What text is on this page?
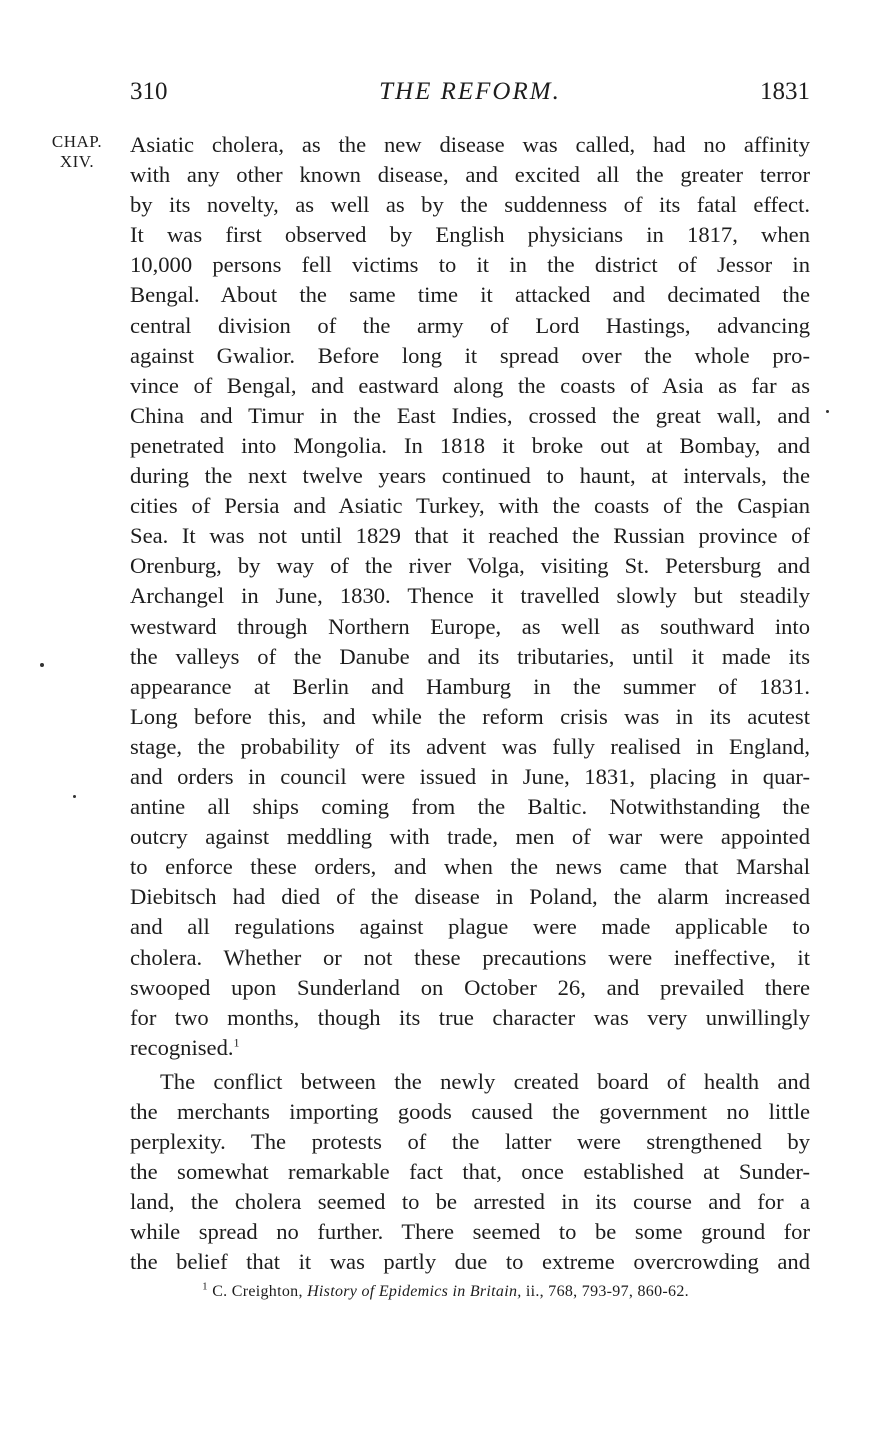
310	THE REFORM.	1831
CHAP.
XIV.
Asiatic cholera, as the new disease was called, had no affinity
with any other known disease, and excited all the greater terror
by its novelty, as well as by the suddenness of its fatal effect.
It was first observed by English physicians in 1817, when
10,000 persons fell victims to it in the district of Jessor in
Bengal. About the same time it attacked and decimated the
central division of the army of Lord Hastings, advancing
against Gwalior. Before long it spread over the whole pro-
vince of Bengal, and eastward along the coasts of Asia as far as
China and Timur in the East Indies, crossed the great wall, and
penetrated into Mongolia. In 1818 it broke out at Bombay, and
during the next twelve years continued to haunt, at intervals, the
cities of Persia and Asiatic Turkey, with the coasts of the Caspian
Sea. It was not until 1829 that it reached the Russian province of
Orenburg, by way of the river Volga, visiting St. Petersburg and
Archangel in June, 1830. Thence it travelled slowly but steadily
westward through Northern Europe, as well as southward into
the valleys of the Danube and its tributaries, until it made its
appearance at Berlin and Hamburg in the summer of 1831.
Long before this, and while the reform crisis was in its acutest
stage, the probability of its advent was fully realised in England,
and orders in council were issued in June, 1831, placing in quar-
antine all ships coming from the Baltic. Notwithstanding the
outcry against meddling with trade, men of war were appointed
to enforce these orders, and when the news came that Marshal
Diebitsch had died of the disease in Poland, the alarm increased
and all regulations against plague were made applicable to
cholera. Whether or not these precautions were ineffective, it
swooped upon Sunderland on October 26, and prevailed there
for two months, though its true character was very unwillingly
recognised.$^1$
The conflict between the newly created board of health and
the merchants importing goods caused the government no little
perplexity. The protests of the latter were strengthened by
the somewhat remarkable fact that, once established at Sunder-
land, the cholera seemed to be arrested in its course and for a
while spread no further. There seemed to be some ground for
the belief that it was partly due to extreme overcrowding and
$^1$ C. Creighton, History of Epidemics in Britain, ii., 768, 793-97, 860-62.
